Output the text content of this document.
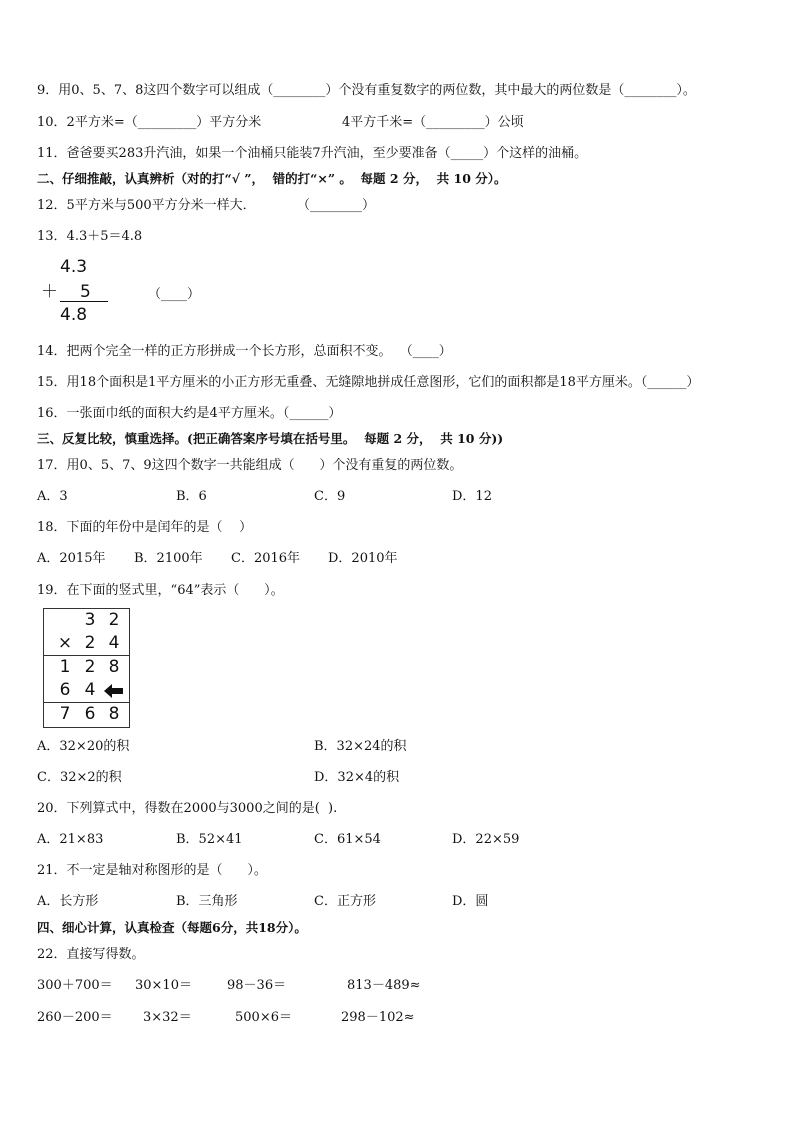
9．用0、5、7、8这四个数字可以组成（________）个没有重复数字的两位数，其中最大的两位数是（________）。
10．2平方米=（_________）平方分米	4平方千米=（_________）公顷
11．爸爸要买283升汽油，如果一个油桶只能装7升汽油，至少要准备（_____）个这样的油桶。
二、仔细推敲，认真辨析（对的打“√ ”，  错的打“×” 。  每题 2 分，  共 10 分）。
12．5平方米与500平方分米一样大．          （________）
13．4.3＋5＝4.8
4.3
＋ 5
4.8
（____）
14．把两个完全一样的正方形拼成一个长方形，总面积不变。  （____）
15．用18个面积是1平方厘米的小正方形无重叠、无缝隙地拼成任意图形，它们的面积都是18平方厘米。（______）
16．一张面巾纸的面积大约是4平方厘米。（______）
三、反复比较，慎重选择。(把正确答案序号填在括号里。  每题 2 分，  共 10 分))
17．用0、5、7、9这四个数字一共能组成（      ）个没有重复的两位数。
A．3	B．6	C．9	D．12
18．下面的年份中是闰年的是（    ）
A．2015年 B．2100年 C．2016年 D．2010年
19．在下面的竖式里，“64”表示（      ）。
3 2
× 2 4
1 2 8
6 4
7 6 8
A．32×20的积	B．32×24的积
C．32×2的积	D．32×4的积
20．下列算式中，得数在2000与3000之间的是(  ).
A．21×83	B．52×41	C．61×54	D．22×59
21．不一定是轴对称图形的是（      ）。
A．长方形	B．三角形	C．正方形	D．圆
四、细心计算，认真检查（每题6分，共18分）。
22．直接写得数。
300＋700＝ 30×10＝	98－36＝	813－489≈
260－200＝ 3×32＝	500×6＝	298－102≈
